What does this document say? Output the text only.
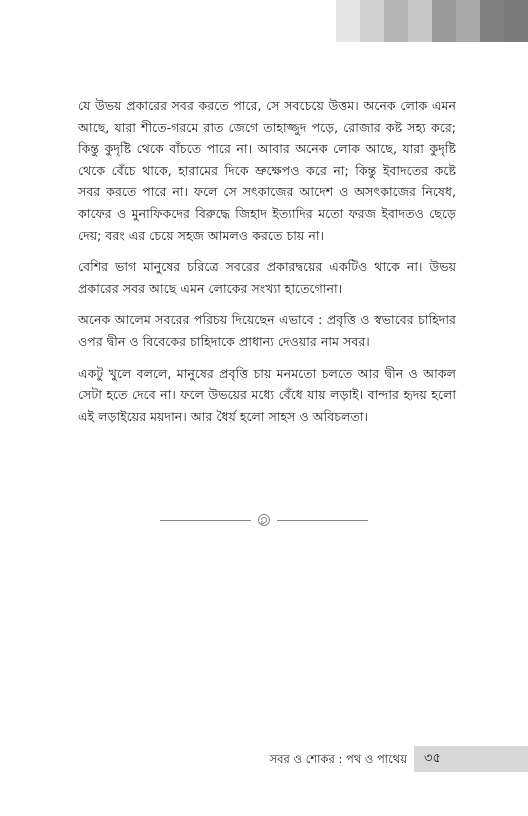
যে উভয় প্রকারের সবর করতে পারে, সে সবচেয়ে উত্তম। অনেক লোক এমন আছে, যারা শীতে-গরমে রাত জেগে তাহাজ্জুদ পড়ে, রোজার কষ্ট সহ্য করে; কিন্তু কুদৃষ্টি থেকে বাঁচতে পারে না। আবার অনেক লোক আছে, যারা কুদৃষ্টি থেকে বেঁচে থাকে, হারামের দিকে ভ্রুক্ষেপও করে না; কিন্তু ইবাদতের কষ্টে সবর করতে পারে না। ফলে সে সৎকাজের আদেশ ও অসৎকাজের নিষেধ, কাফের ও মুনাফিকদের বিরুদ্ধে জিহাদ ইত্যাদির মতো ফরজ ইবাদতও ছেড়ে দেয়; বরং এর চেয়ে সহজ আমলও করতে চায় না।

বেশির ভাগ মানুষের চরিত্রে সবরের প্রকারদ্বয়ের একটিও থাকে না। উভয় প্রকারের সবর আছে এমন লোকের সংখ্যা হাতেগোনা।

অনেক আলেম সবরের পরিচয় দিয়েছেন এভাবে : প্রবৃত্তি ও স্বভাবের চাহিদার ওপর দ্বীন ও বিবেকের চাহিদাকে প্রাধান্য দেওয়ার নাম সবর।

একটু খুলে বললে, মানুষের প্রবৃত্তি চায় মনমতো চলতে আর দ্বীন ও আকল সেটা হতে দেবে না। ফলে উভয়ের মধ্যে বেঁধে যায় লড়াই। বান্দার হৃদয় হলো এই লড়াইয়ের ময়দান। আর ধৈর্য হলো সাহস ও অবিচলতা।

সবর ও শোকর : পথ ও পাথেয় ৩৫
